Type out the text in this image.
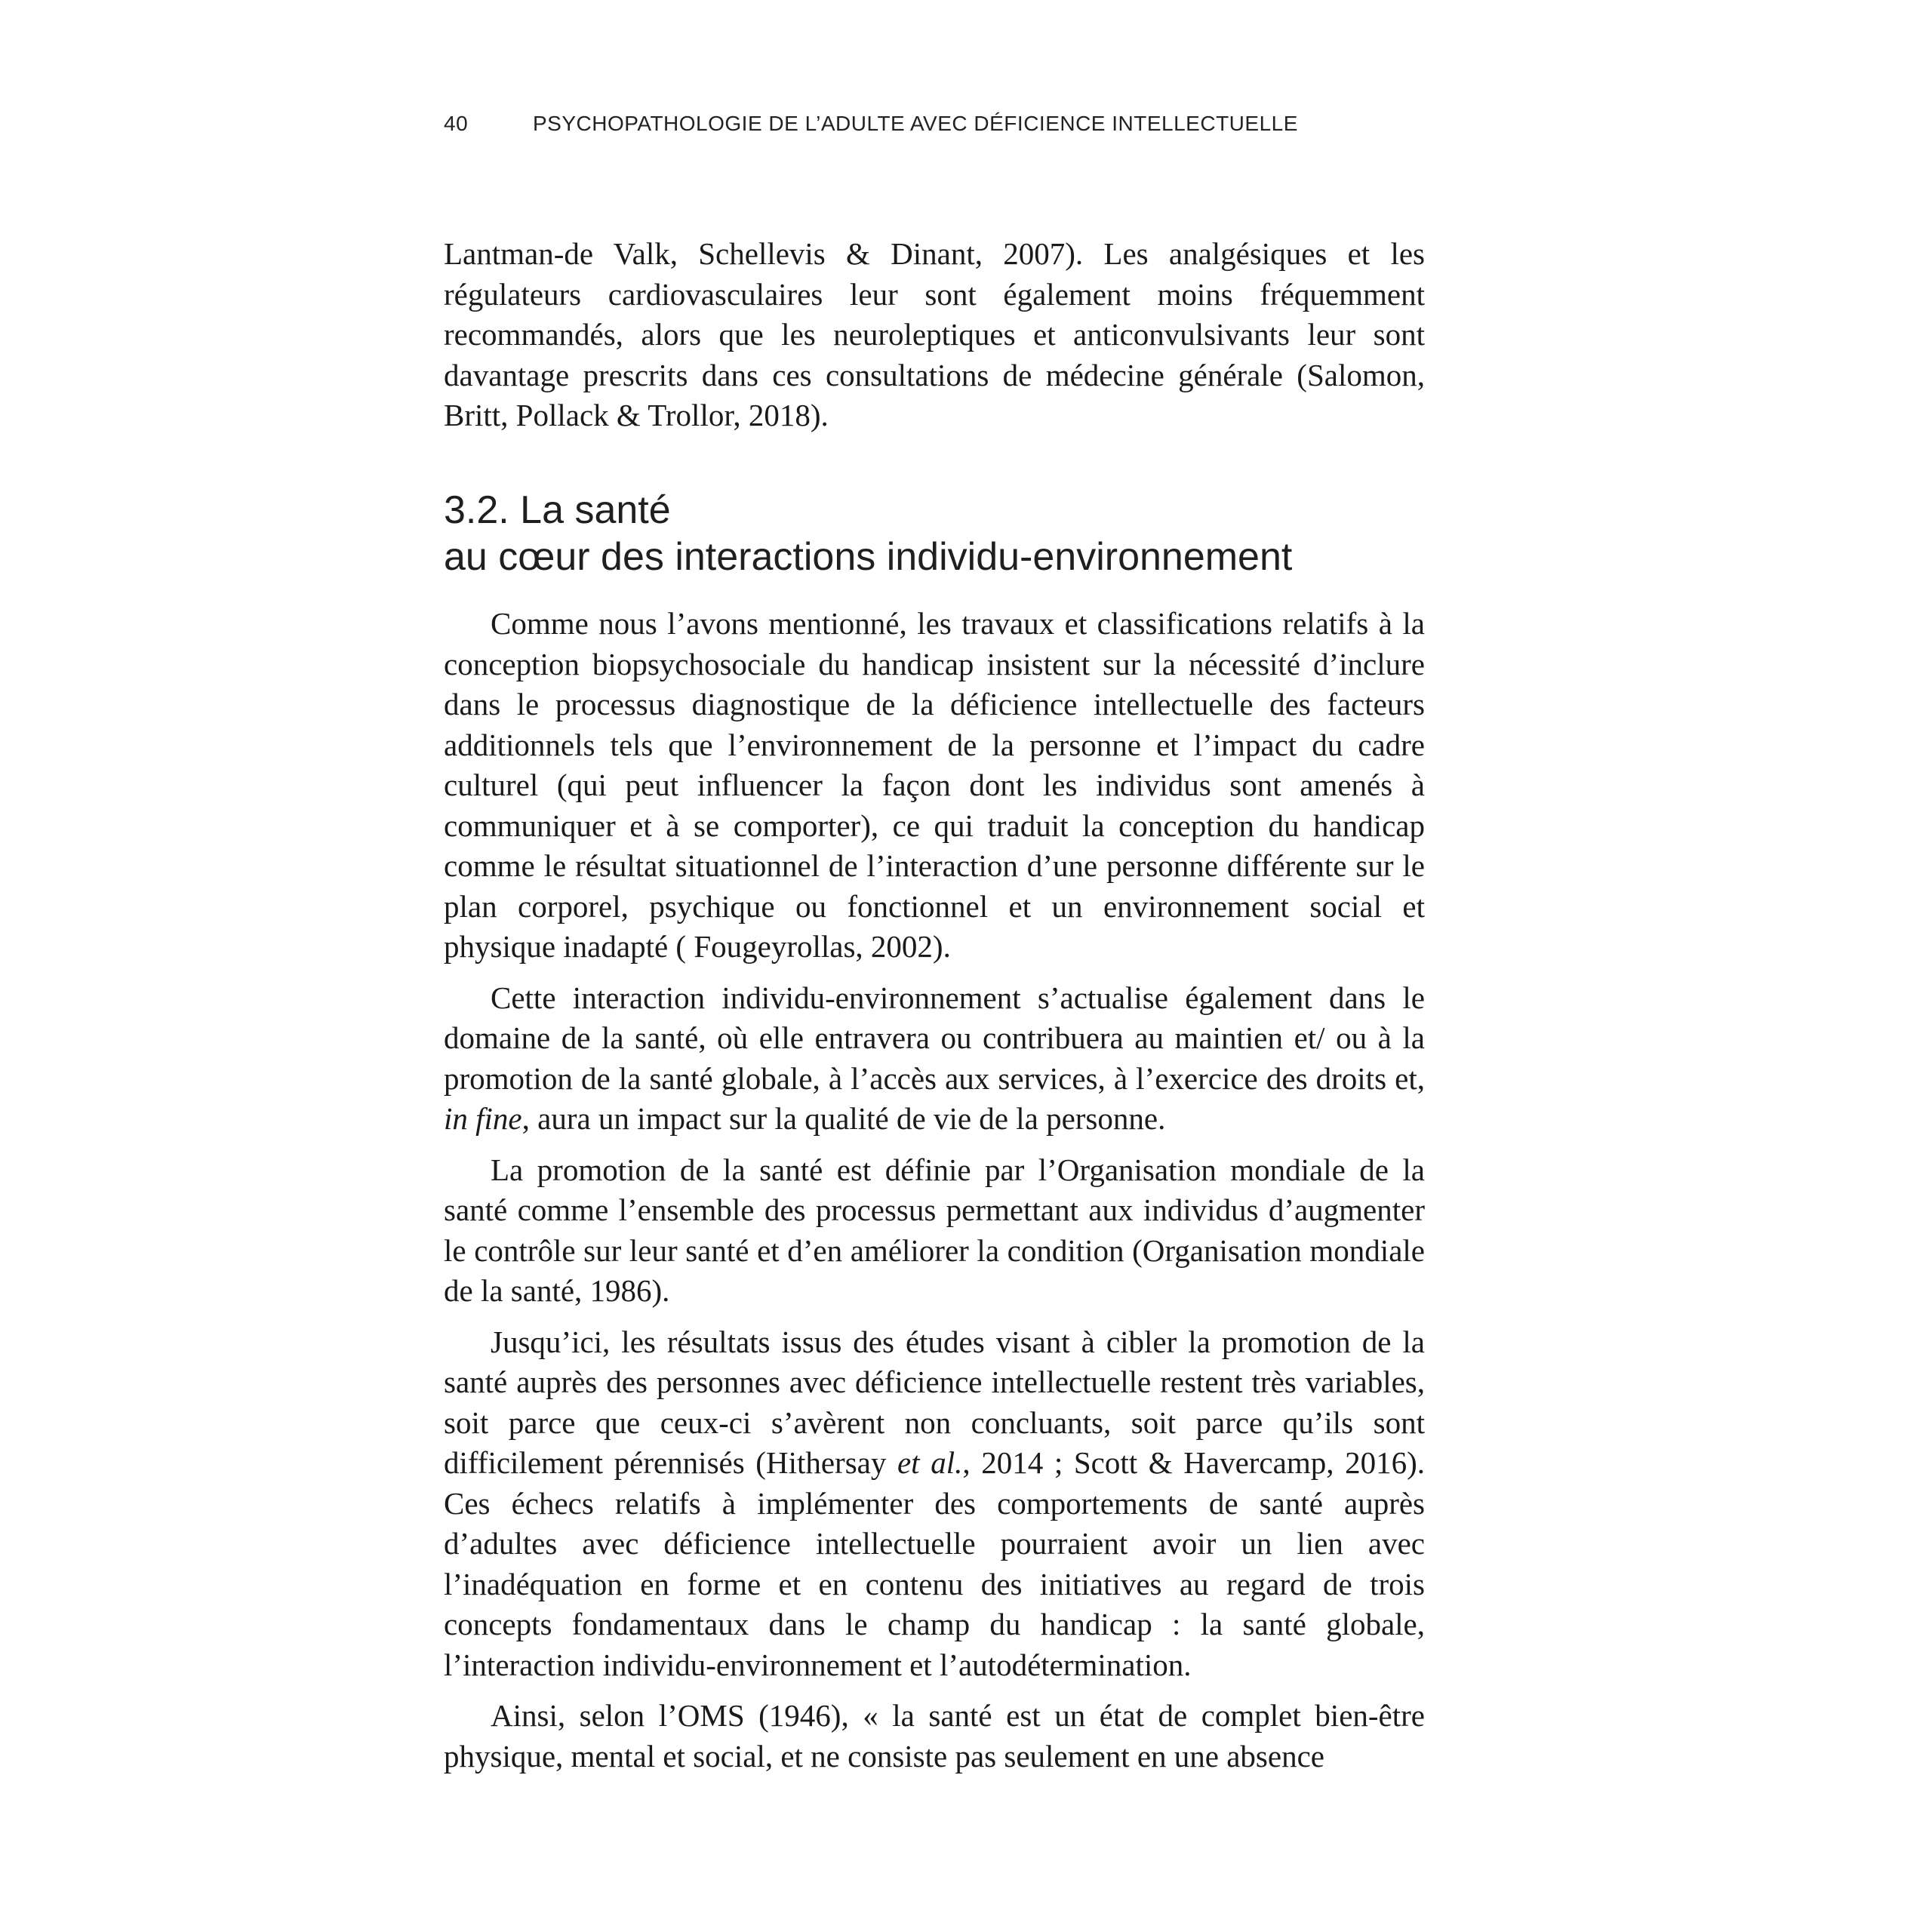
40	PSYCHOPATHOLOGIE DE L’ADULTE AVEC DÉFICIENCE INTELLECTUELLE

Lantman-de Valk, Schellevis & Dinant, 2007). Les analgésiques et les régulateurs cardiovasculaires leur sont également moins fréquemment recommandés, alors que les neuroleptiques et anticonvulsivants leur sont davantage prescrits dans ces consultations de médecine générale (Salomon, Britt, Pollack & Trollor, 2018).

3.2. La santé
au cœur des interactions individu-environnement

Comme nous l’avons mentionné, les travaux et classifications relatifs à la conception biopsychosociale du handicap insistent sur la nécessité d’inclure dans le processus diagnostique de la déficience intellectuelle des facteurs additionnels tels que l’environnement de la personne et l’impact du cadre culturel (qui peut influencer la façon dont les individus sont amenés à communiquer et à se comporter), ce qui traduit la conception du handicap comme le résultat situationnel de l’interaction d’une personne différente sur le plan corporel, psychique ou fonctionnel et un environnement social et physique inadapté ( Fougeyrollas, 2002).

Cette interaction individu-environnement s’actualise également dans le domaine de la santé, où elle entravera ou contribuera au maintien et/ ou à la promotion de la santé globale, à l’accès aux services, à l’exercice des droits et, in fine, aura un impact sur la qualité de vie de la personne.

La promotion de la santé est définie par l’Organisation mondiale de la santé comme l’ensemble des processus permettant aux individus d’augmenter le contrôle sur leur santé et d’en améliorer la condition (Organisation mondiale de la santé, 1986).

Jusqu’ici, les résultats issus des études visant à cibler la promotion de la santé auprès des personnes avec déficience intellectuelle restent très variables, soit parce que ceux-ci s’avèrent non concluants, soit parce qu’ils sont difficilement pérennisés (Hithersay et al., 2014 ; Scott & Havercamp, 2016). Ces échecs relatifs à implémenter des comportements de santé auprès d’adultes avec déficience intellectuelle pourraient avoir un lien avec l’inadéquation en forme et en contenu des initiatives au regard de trois concepts fondamentaux dans le champ du handicap : la santé globale, l’interaction individu-environnement et l’autodétermination.

Ainsi, selon l’OMS (1946), « la santé est un état de complet bien-être physique, mental et social, et ne consiste pas seulement en une absence
